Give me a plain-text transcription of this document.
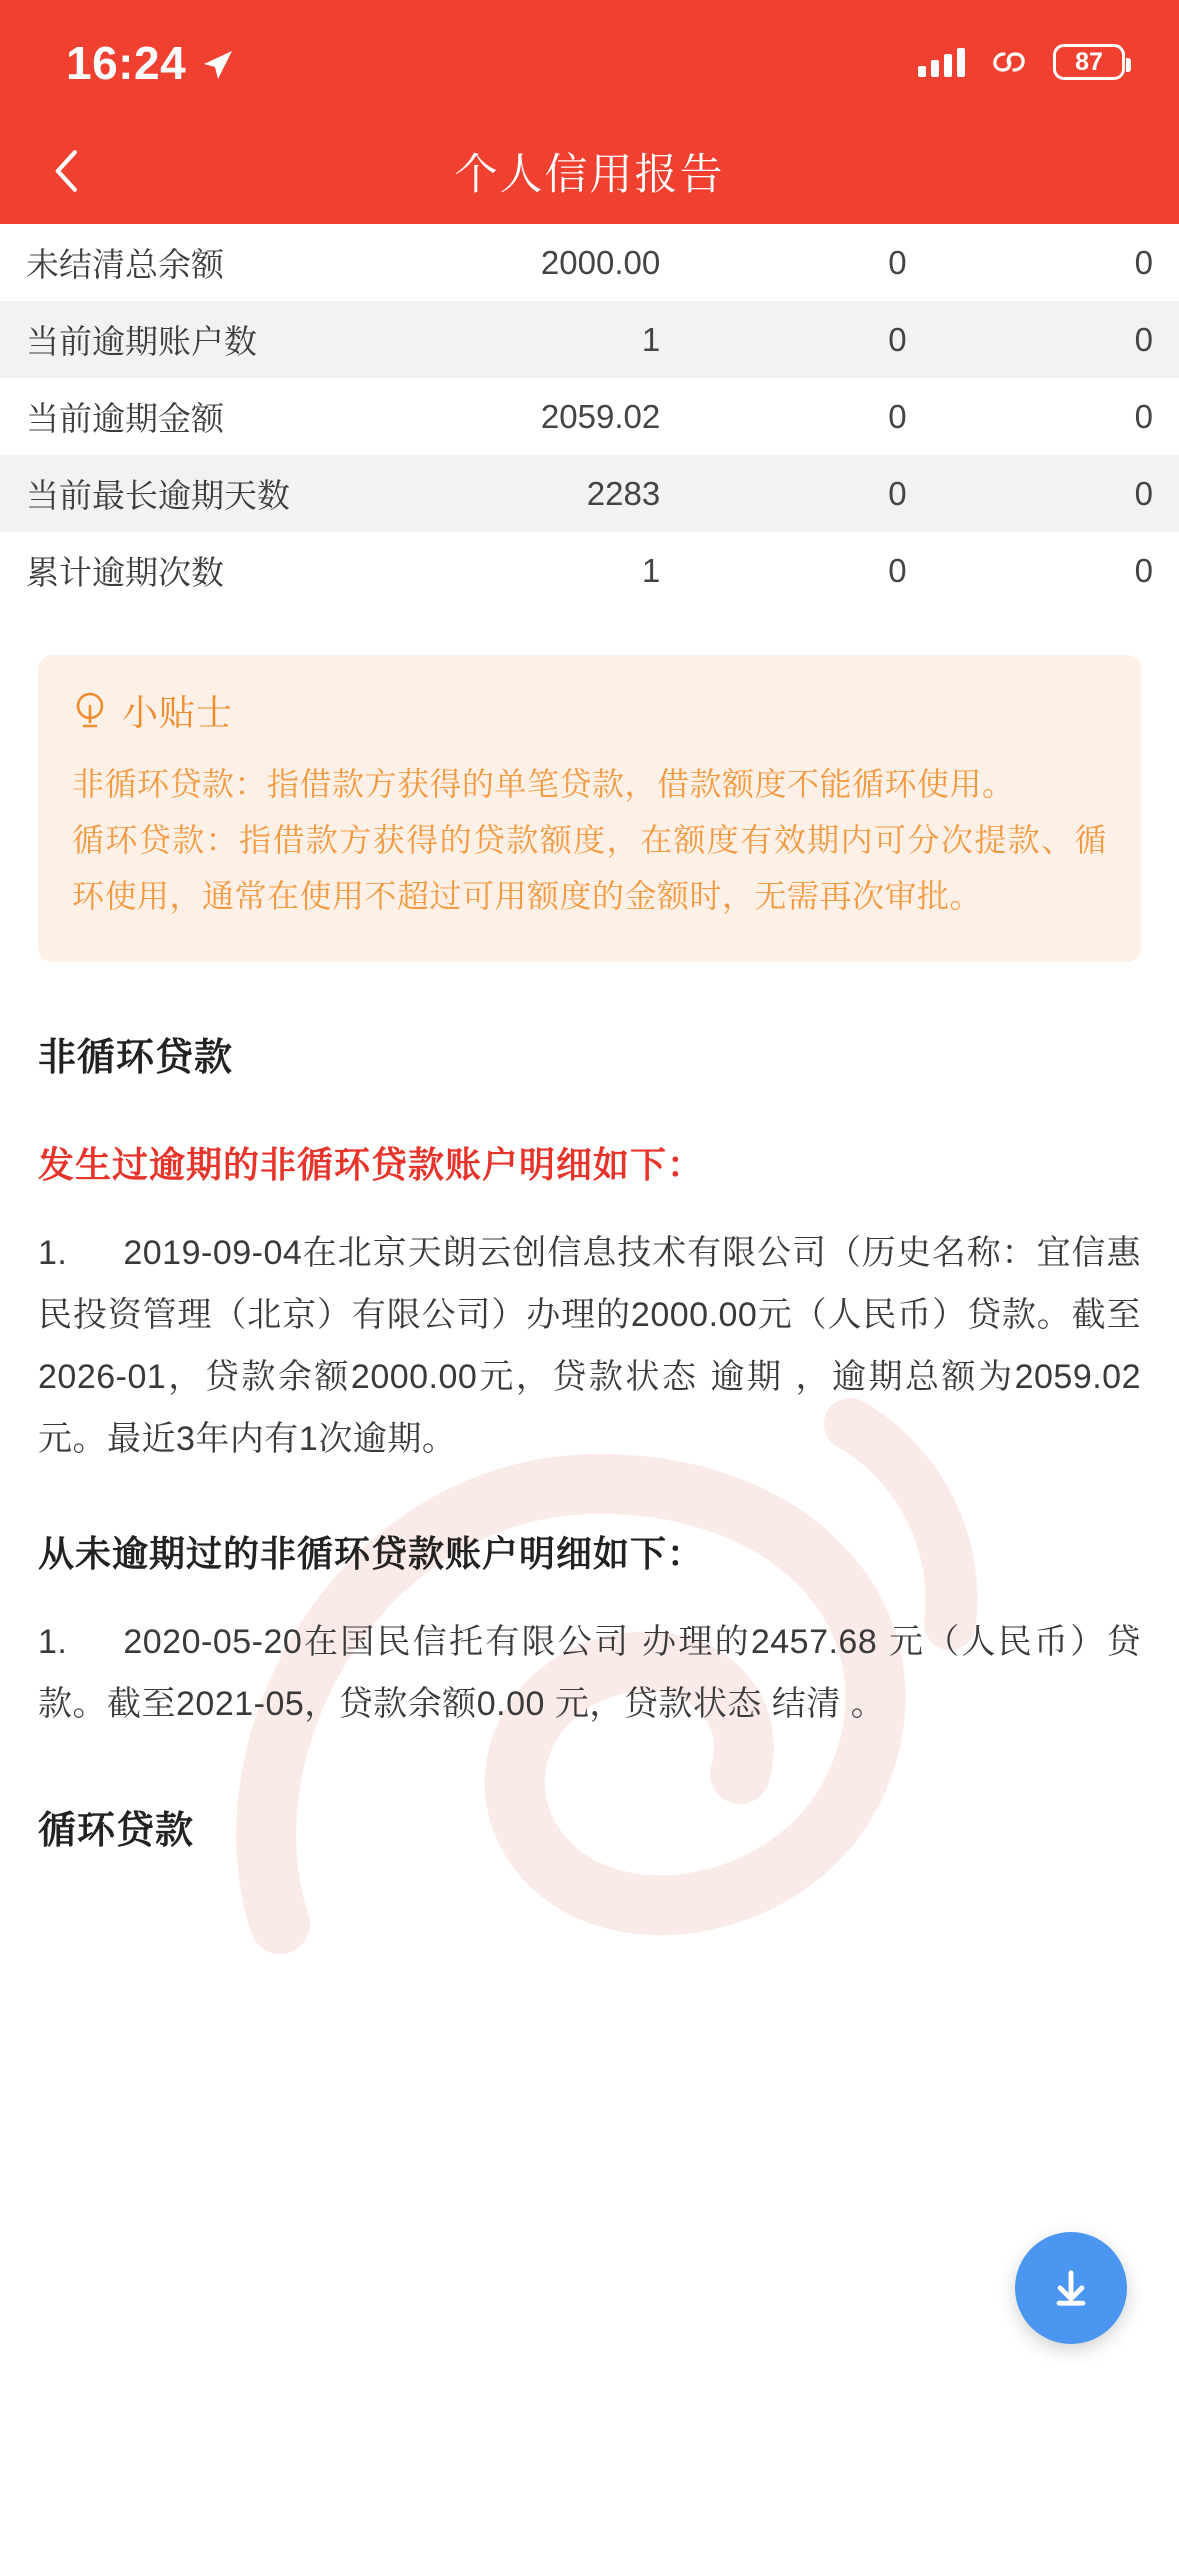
16:24	87
个人信用报告
未结清总余额	2000.00	0	0
当前逾期账户数	1	0	0
当前逾期金额	2059.02	0	0
当前最长逾期天数	2283	0	0
累计逾期次数	1	0	0
小贴士

非循环贷款：指借款方获得的单笔贷款，借款额度不能循环使用。

循环贷款：指借款方获得的贷款额度，在额度有效期内可分次提款、循环使用，通常在使用不超过可用额度的金额时，无需再次审批。

非循环贷款
发生过逾期的非循环贷款账户明细如下：

1. 2019-09-04在北京天朗云创信息技术有限公司（历史名称：宜信惠民投资管理（北京）有限公司）办理的2000.00元（人民币）贷款。截至2026-01，贷款余额2000.00元，贷款状态 逾期 ，逾期总额为2059.02元。最近3年内有1次逾期。

从未逾期过的非循环贷款账户明细如下：

1. 2020-05-20在国民信托有限公司 办理的2457.68 元（人民币）贷款。截至2021-05，贷款余额0.00 元，贷款状态 结清 。

循环贷款
